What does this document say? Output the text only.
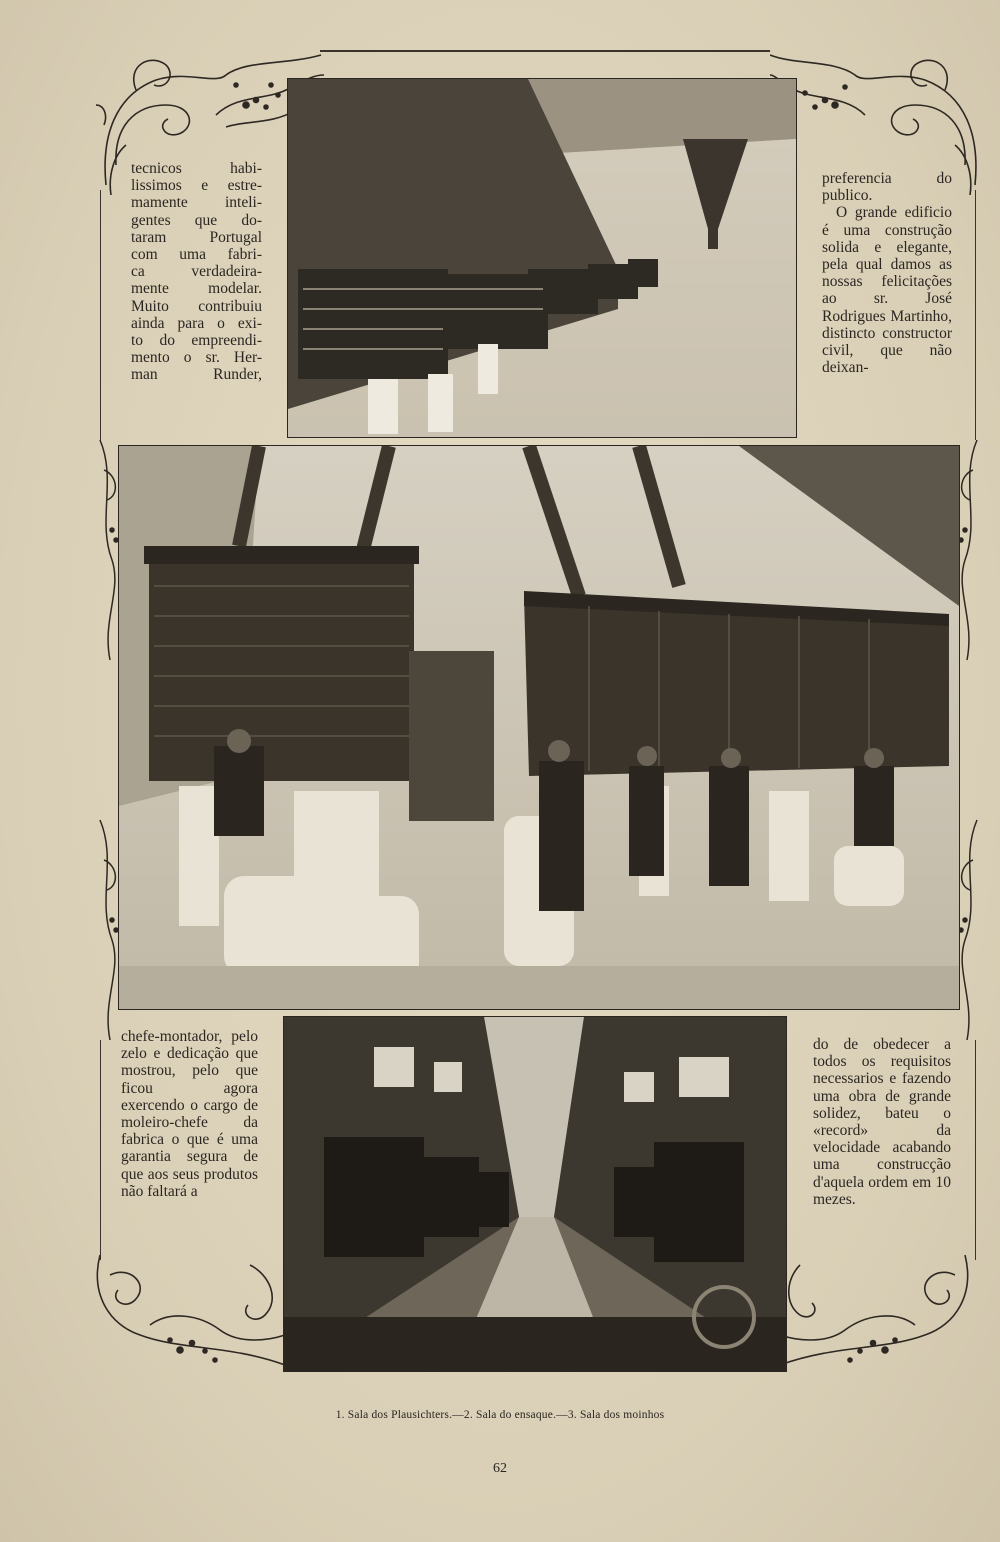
tecnicos habi-

lissimos e estre-

mamente inteli-

gentes que do-

taram Portugal

com uma fabri-

ca verdadeira-

mente modelar.

Muito contribuiu

ainda para o exi-

to do empreendi-

mento o sr. Her-

man Runder,

preferencia do publico.

O grande edificio é uma construção solida e elegante, pela qual damos as nossas felicitações ao sr. José Rodrigues Martinho, distincto constructor civil, que não deixan-

chefe-montador, pelo zelo e dedicação que mostrou, pelo que ficou agora exercendo o cargo de moleiro-chefe da fabrica o que é uma garantia segura de que aos seus produtos não faltará a

do de obedecer a todos os requisitos necessarios e fazendo uma obra de grande solidez, bateu o «record» da velocidade acabando uma construcção d'aquela ordem em 10 mezes.

1. Sala dos Plausichters.—2. Sala do ensaque.—3. Sala dos moinhos
62
